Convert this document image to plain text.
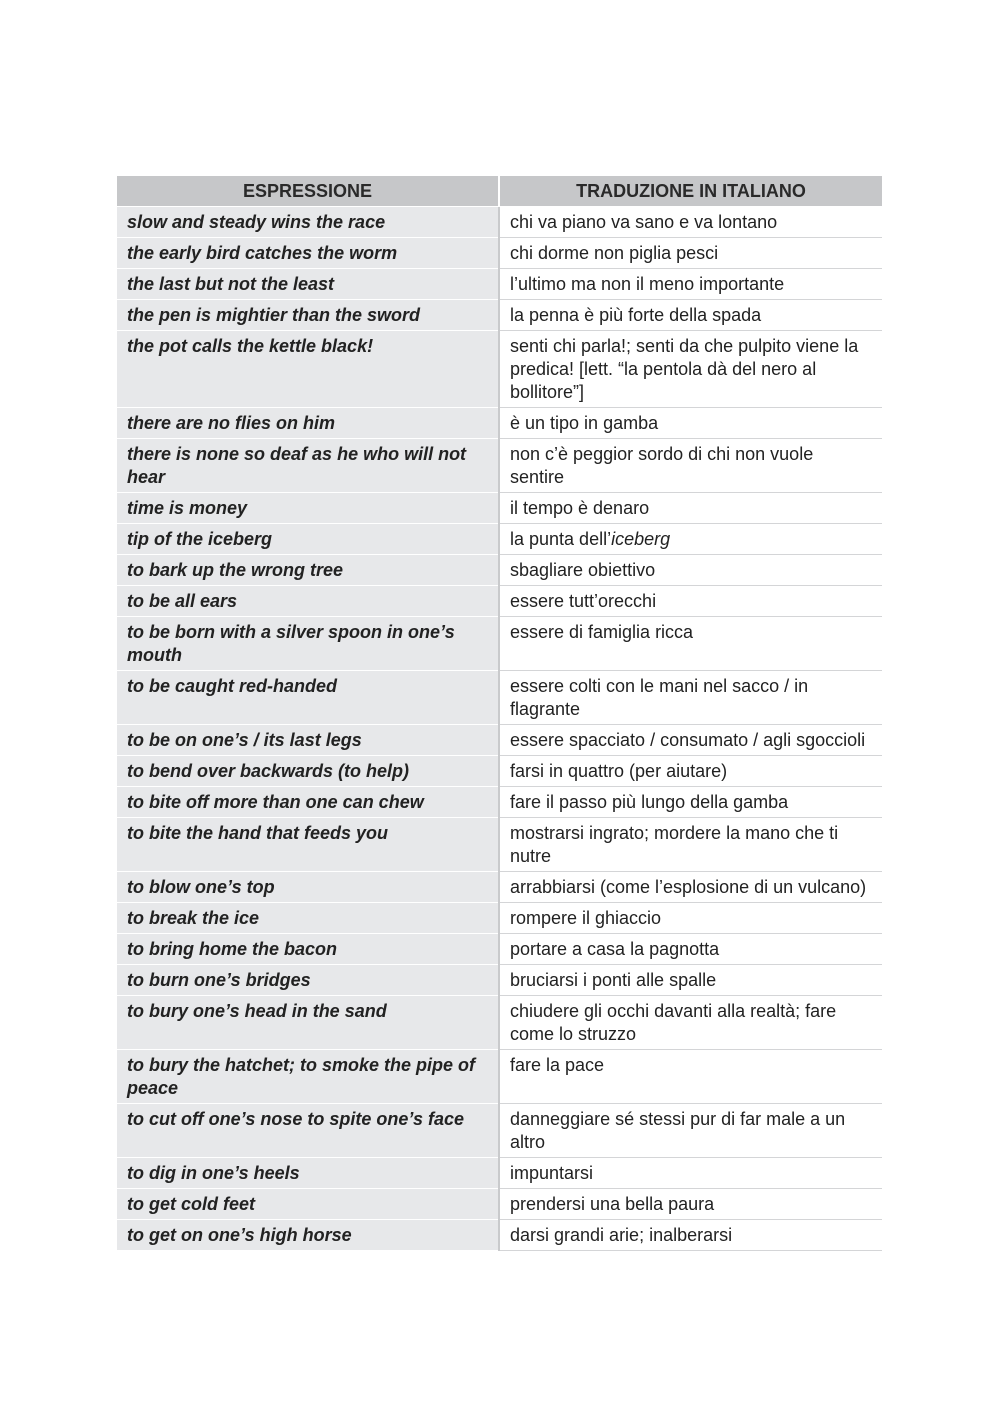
ESPRESSIONE	TRADUZIONE IN ITALIANO
slow and steady wins the race	chi va piano va sano e va lontano
the early bird catches the worm	chi dorme non piglia pesci
the last but not the least	l’ultimo ma non il meno importante
the pen is mightier than the sword	la penna è più forte della spada
the pot calls the kettle black!	senti chi parla!; senti da che pulpito viene la predica! [lett. “la pentola dà del nero al bollitore”]
there are no flies on him	è un tipo in gamba
there is none so deaf as he who will not hear	non c’è peggior sordo di chi non vuole sentire
time is money	il tempo è denaro
tip of the iceberg	la punta dell’iceberg
to bark up the wrong tree	sbagliare obiettivo
to be all ears	essere tutt’orecchi
to be born with a silver spoon in one’s mouth	essere di famiglia ricca
to be caught red-handed	essere colti con le mani nel sacco / in flagrante
to be on one’s / its last legs	essere spacciato / consumato / agli sgoccioli
to bend over backwards (to help)	farsi in quattro (per aiutare)
to bite off more than one can chew	fare il passo più lungo della gamba
to bite the hand that feeds you	mostrarsi ingrato; mordere la mano che ti nutre
to blow one’s top	arrabbiarsi (come l’esplosione di un vulcano)
to break the ice	rompere il ghiaccio
to bring home the bacon	portare a casa la pagnotta
to burn one’s bridges	bruciarsi i ponti alle spalle
to bury one’s head in the sand	chiudere gli occhi davanti alla realtà; fare come lo struzzo
to bury the hatchet; to smoke the pipe of peace	fare la pace
to cut off one’s nose to spite one’s face	danneggiare sé stessi pur di far male a un altro
to dig in one’s heels	impuntarsi
to get cold feet	prendersi una bella paura
to get on one’s high horse	darsi grandi arie; inalberarsi
